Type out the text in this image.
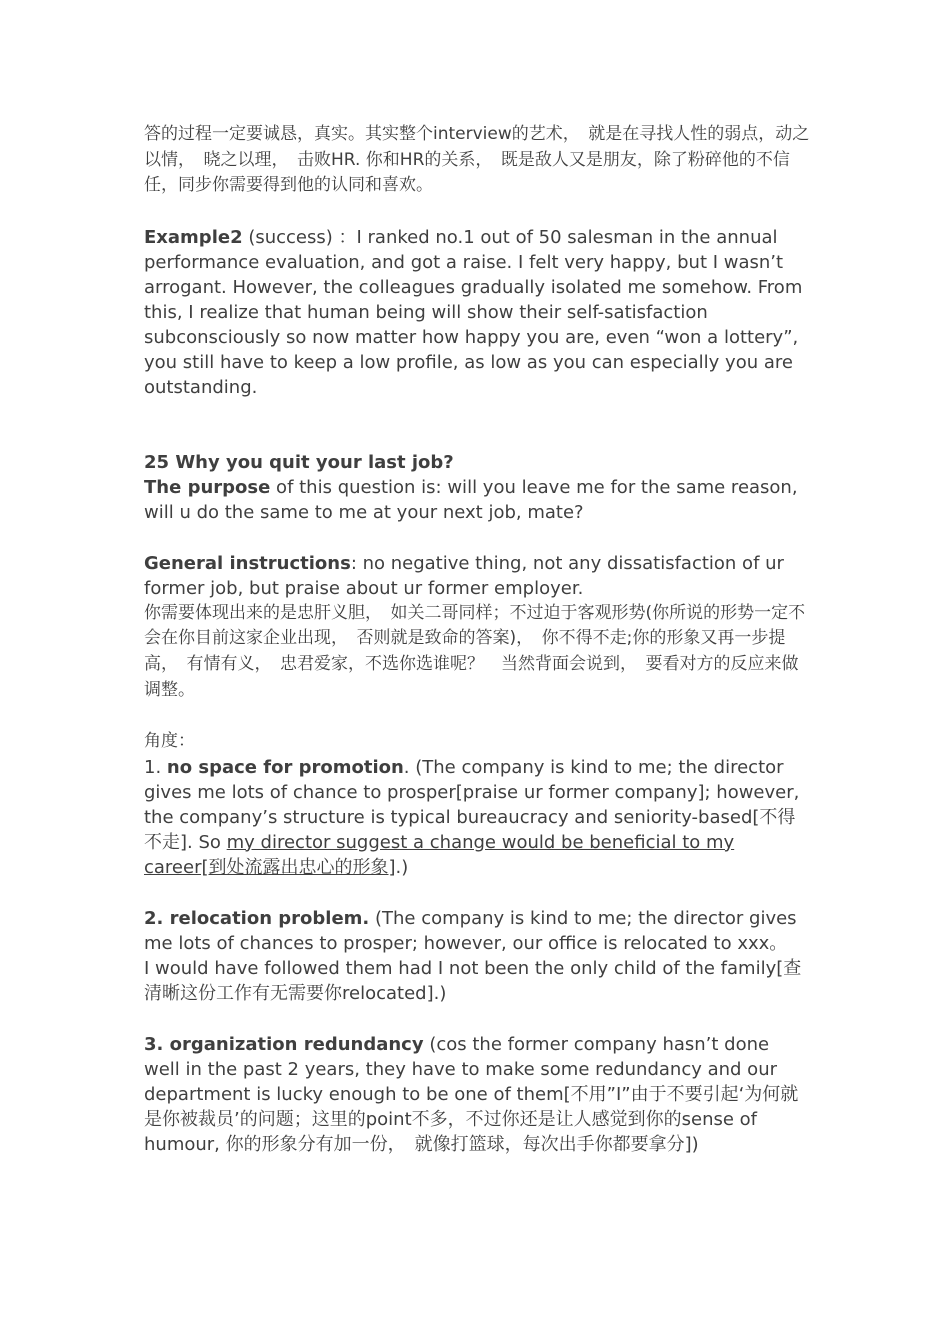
答的过程一定要诚恳，真实。其实整个interview的艺术，　就是在寻找人性的弱点，动之以情，　晓之以理，　击败HR. 你和HR的关系，　既是敌人又是朋友，除了粉碎他的不信任，同步你需要得到他的认同和喜欢。

Example2 (success) ：I ranked no.1 out of 50 salesman in the annual performance evaluation, and got a raise. I felt very happy, but I wasn’t arrogant. However, the colleagues gradually isolated me somehow. From this, I realize that human being will show their self-satisfaction subconsciously so now matter how happy you are, even “won a lottery”, you still have to keep a low profile, as low as you can especially you are outstanding.

25 Why you quit your last job?

The purpose of this question is: will you leave me for the same reason, will u do the same to me at your next job, mate?

General instructions: no negative thing, not any dissatisfaction of ur former job, but praise about ur former employer.

你需要体现出来的是忠肝义胆，　如关二哥同样；不过迫于客观形势(你所说的形势一定不会在你目前这家企业出现，　否则就是致命的答案)，　你不得不走;你的形象又再一步提高，　有情有义，　忠君爱家，不选你选谁呢？　当然背面会说到，　要看对方的反应来做调整。

角度：

1. no space for promotion. (The company is kind to me; the director gives me lots of chance to prosper[praise ur former company]; however, the company’s structure is typical bureaucracy and seniority-based[不得不走]. So my director suggest a change would be beneficial to my career[到处流露出忠心的形象].)

2. relocation problem. (The company is kind to me; the director gives me lots of chances to prosper; however, our office is relocated to xxx。　　I would have followed them had I not been the only child of the family[查清晰这份工作有无需要你relocated].)

3. organization redundancy (cos the former company hasn’t done well in the past 2 years, they have to make some redundancy and our department is lucky enough to be one of them[不用”I”由于不要引起‘为何就是你被裁员’的问题；这里的point不多，不过你还是让人感觉到你的sense of humour, 你的形象分有加一份，　就像打篮球，每次出手你都要拿分])
